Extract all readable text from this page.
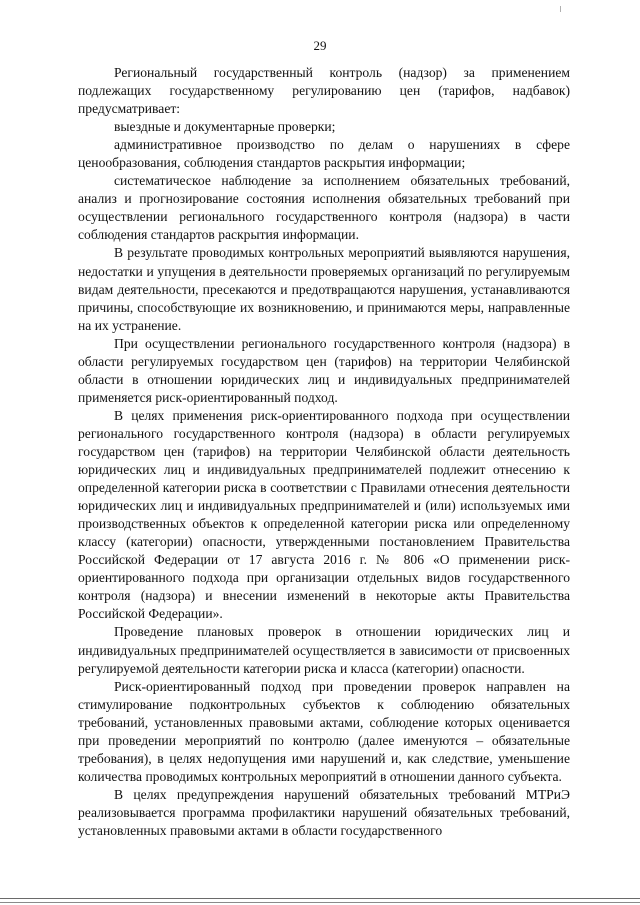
29

Региональный государственный контроль (надзор) за применением подлежащих государственному регулированию цен (тарифов, надбавок) предусматривает:

выездные и документарные проверки;

административное производство по делам о нарушениях в сфере ценообразования, соблюдения стандартов раскрытия информации;

систематическое наблюдение за исполнением обязательных требований, анализ и прогнозирование состояния исполнения обязательных требований при осуществлении регионального государственного контроля (надзора) в части соблюдения стандартов раскрытия информации.

В результате проводимых контрольных мероприятий выявляются нарушения, недостатки и упущения в деятельности проверяемых организаций по регулируемым видам деятельности, пресекаются и предотвращаются нарушения, устанавливаются причины, способствующие их возникновению, и принимаются меры, направленные на их устранение.

При осуществлении регионального государственного контроля (надзора) в области регулируемых государством цен (тарифов) на территории Челябинской области в отношении юридических лиц и индивидуальных предпринимателей применяется риск-ориентированный подход.

В целях применения риск-ориентированного подхода при осуществлении регионального государственного контроля (надзора) в области регулируемых государством цен (тарифов) на территории Челябинской области деятельность юридических лиц и индивидуальных предпринимателей подлежит отнесению к определенной категории риска в соответствии с Правилами отнесения деятельности юридических лиц и индивидуальных предпринимателей и (или) используемых ими производственных объектов к определенной категории риска или определенному классу (категории) опасности, утвержденными постановлением Правительства Российской Федерации от 17 августа 2016 г. № 806 «О применении риск-ориентированного подхода при организации отдельных видов государственного контроля (надзора) и внесении изменений в некоторые акты Правительства Российской Федерации».

Проведение плановых проверок в отношении юридических лиц и индивидуальных предпринимателей осуществляется в зависимости от присвоенных регулируемой деятельности категории риска и класса (категории) опасности.

Риск-ориентированный подход при проведении проверок направлен на стимулирование подконтрольных субъектов к соблюдению обязательных требований, установленных правовыми актами, соблюдение которых оценивается при проведении мероприятий по контролю (далее именуются – обязательные требования), в целях недопущения ими нарушений и, как следствие, уменьшение количества проводимых контрольных мероприятий в отношении данного субъекта.

В целях предупреждения нарушений обязательных требований МТРиЭ реализовывается программа профилактики нарушений обязательных требований, установленных правовыми актами в области государственного
